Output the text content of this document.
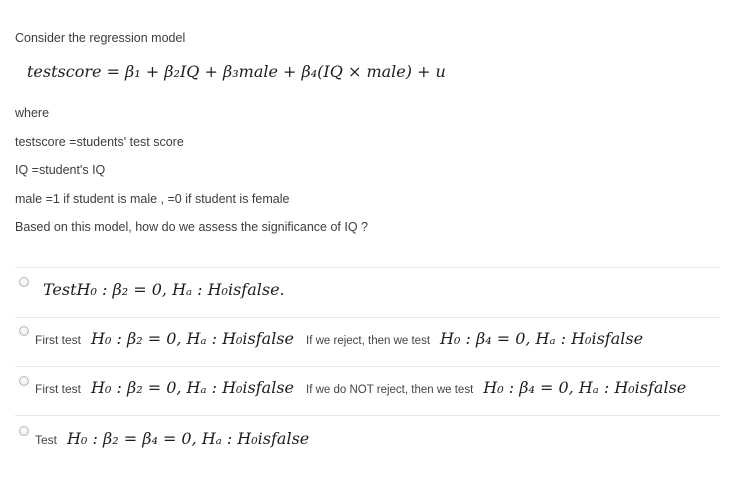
Consider the regression model
testscore = β₁ + β₂IQ + β₃male + β₄(IQ × male) + u
where
testscore =students' test score
IQ =student's IQ
male =1 if student is male , =0 if student is female
Based on this model, how do we assess the significance of IQ ?
TestH₀ : β₂ = 0, Hₐ : H₀isfalse.
First test H₀ : β₂ = 0, Hₐ : H₀isfalse If we reject, then we test H₀ : β₄ = 0, Hₐ : H₀isfalse
First test H₀ : β₂ = 0, Hₐ : H₀isfalse If we do NOT reject, then we test H₀ : β₄ = 0, Hₐ : H₀isfalse
Test H₀ : β₂ = β₄ = 0, Hₐ : H₀isfalse
